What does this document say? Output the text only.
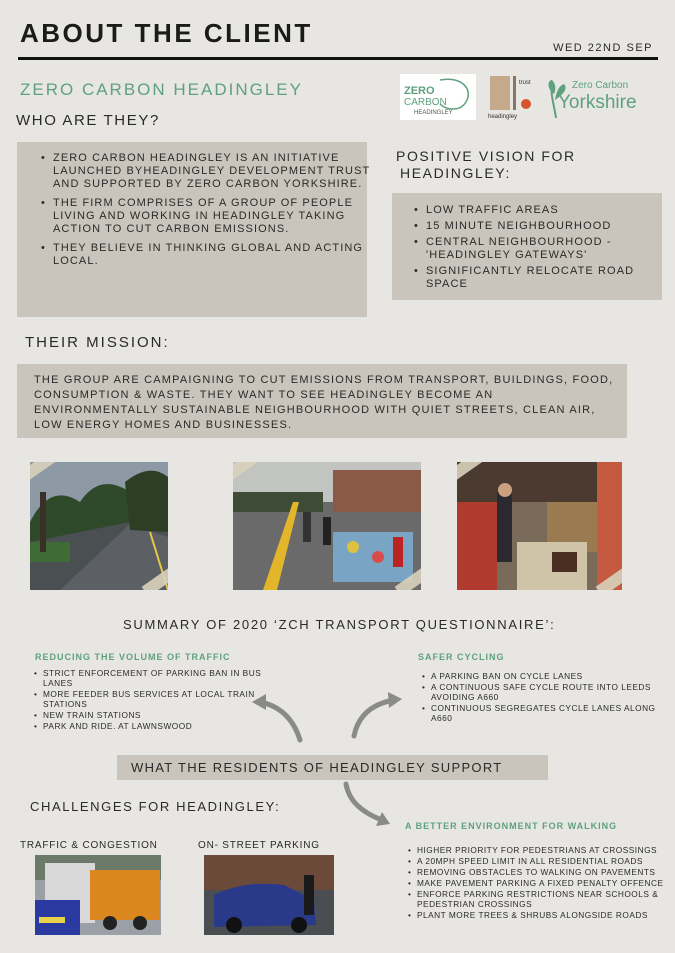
ABOUT THE CLIENT	WED 22ND SEP
ZERO CARBON HEADINGLEY	ZERO
CARBON
HEADINGLEY
headingley
trust	Zero Carbon
Yorkshire
WHO ARE THEY?
• ZERO CARBON HEADINGLEY IS AN INITIATIVE LAUNCHED BYHEADINGLEY DEVELOPMENT TRUST AND SUPPORTED BY ZERO CARBON YORKSHIRE.
• THE FIRM COMPRISES OF A GROUP OF PEOPLE LIVING AND WORKING IN HEADINGLEY TAKING ACTION TO CUT CARBON EMISSIONS.
• THEY BELIEVE IN THINKING GLOBAL AND ACTING LOCAL.
POSITIVE VISION FOR
HEADINGLEY:
• LOW TRAFFIC AREAS
• 15 MINUTE NEIGHBOURHOOD
• CENTRAL NEIGHBOURHOOD - 'HEADINGLEY GATEWAYS'
• SIGNIFICANTLY RELOCATE ROAD SPACE
THEIR MISSION:
THE GROUP ARE CAMPAIGNING TO CUT EMISSIONS FROM TRANSPORT, BUILDINGS, FOOD, CONSUMPTION & WASTE. THEY WANT TO SEE HEADINGLEY BECOME AN ENVIRONMENTALLY SUSTAINABLE NEIGHBOURHOOD WITH QUIET STREETS, CLEAN AIR, LOW ENERGY HOMES AND BUSINESSES.
SUMMARY OF 2020 ‘ZCH TRANSPORT QUESTIONNAIRE’:
REDUCING THE VOLUME OF TRAFFIC
• STRICT ENFORCEMENT OF PARKING BAN IN BUS LANES
• MORE FEEDER BUS SERVICES AT LOCAL TRAIN STATIONS
• NEW TRAIN STATIONS
• PARK AND RIDE. AT LAWNSWOOD
SAFER CYCLING
• A PARKING BAN ON CYCLE LANES
• A CONTINUOUS SAFE CYCLE ROUTE INTO LEEDS AVOIDING A660
• CONTINUOUS SEGREGATES CYCLE LANES ALONG A660
WHAT THE RESIDENTS OF HEADINGLEY SUPPORT
CHALLENGES FOR HEADINGLEY:
TRAFFIC & CONGESTION	ON- STREET PARKING
A BETTER ENVIRONMENT FOR WALKING
• HIGHER PRIORITY FOR PEDESTRIANS AT CROSSINGS
• A 20MPH SPEED LIMIT IN ALL RESIDENTIAL ROADS
• REMOVING OBSTACLES TO WALKING ON PAVEMENTS
• MAKE PAVEMENT PARKING A FIXED PENALTY OFFENCE
• ENFORCE PARKING RESTRICTIONS NEAR SCHOOLS & PEDESTRIAN CROSSINGS
• PLANT MORE TREES & SHRUBS ALONGSIDE ROADS
